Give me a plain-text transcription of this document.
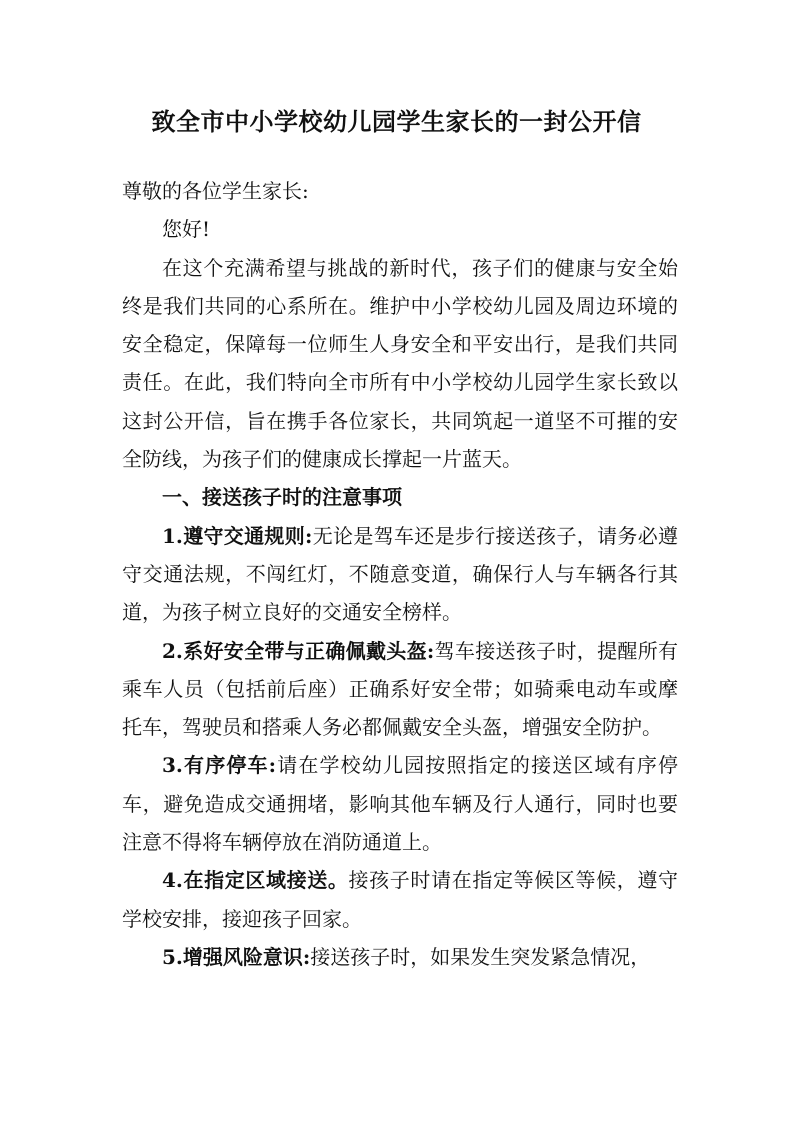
致全市中小学校幼儿园学生家长的一封公开信

尊敬的各位学生家长:

您好!

在这个充满希望与挑战的新时代，孩子们的健康与安全始终是我们共同的心系所在。维护中小学校幼儿园及周边环境的安全稳定，保障每一位师生人身安全和平安出行，是我们共同责任。在此，我们特向全市所有中小学校幼儿园学生家长致以这封公开信，旨在携手各位家长，共同筑起一道坚不可摧的安全防线，为孩子们的健康成长撑起一片蓝天。

一、接送孩子时的注意事项

1.遵守交通规则:无论是驾车还是步行接送孩子，请务必遵守交通法规，不闯红灯，不随意变道，确保行人与车辆各行其道，为孩子树立良好的交通安全榜样。

2.系好安全带与正确佩戴头盔:驾车接送孩子时，提醒所有乘车人员（包括前后座）正确系好安全带；如骑乘电动车或摩托车，驾驶员和搭乘人务必都佩戴安全头盔，增强安全防护。

3.有序停车:请在学校幼儿园按照指定的接送区域有序停车，避免造成交通拥堵，影响其他车辆及行人通行，同时也要注意不得将车辆停放在消防通道上。

4.在指定区域接送。接孩子时请在指定等候区等候，遵守学校安排，接迎孩子回家。

5.增强风险意识:接送孩子时，如果发生突发紧急情况，
